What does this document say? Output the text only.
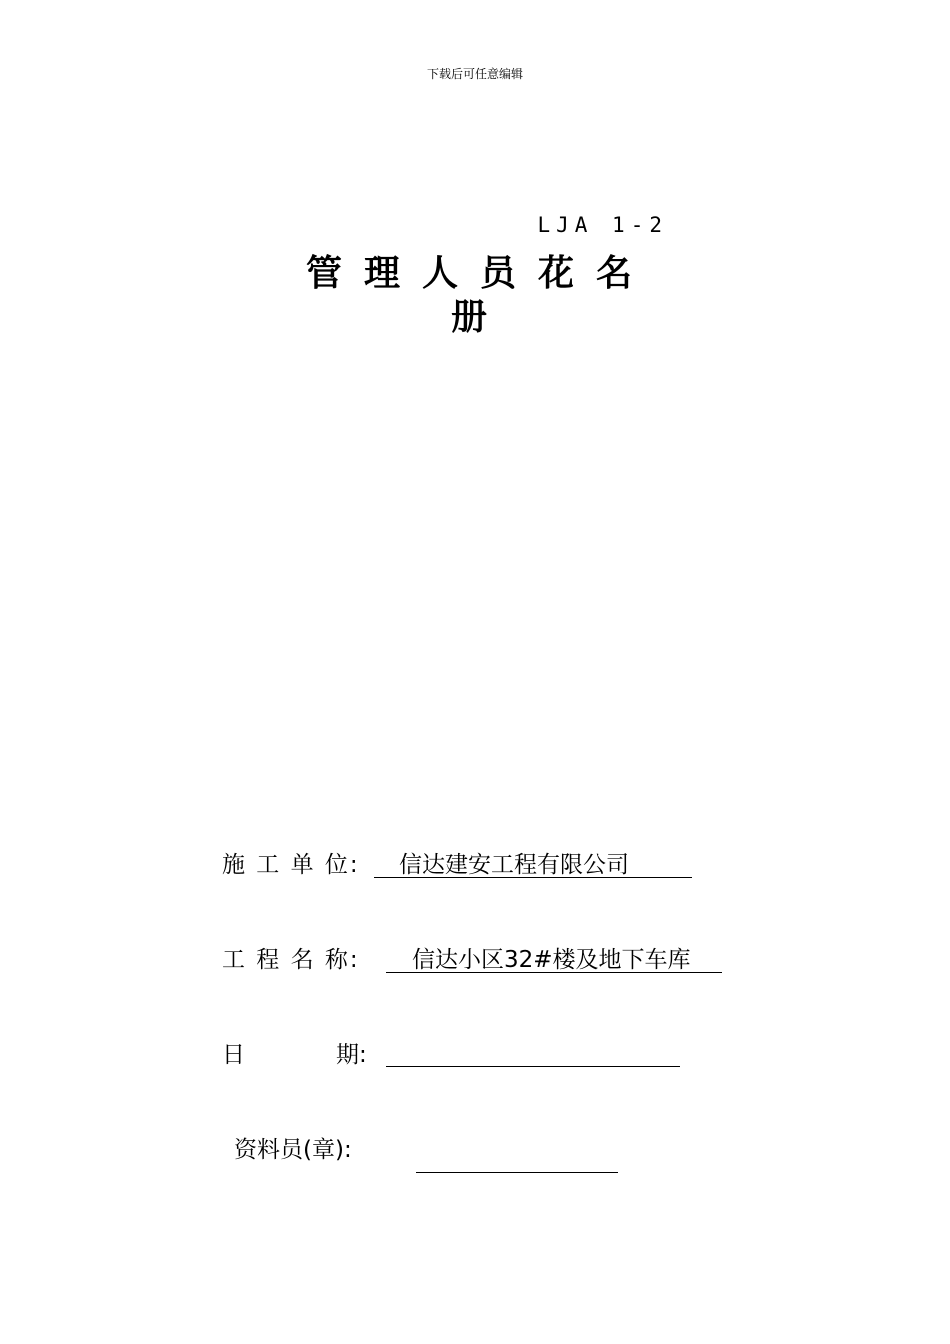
下载后可任意编辑
LJA 1-2
管理人员花名册
施 工 单 位: 信达建安工程有限公司
工 程 名 称: 信达小区32#楼及地下车库
日	期:
资料员(章):
